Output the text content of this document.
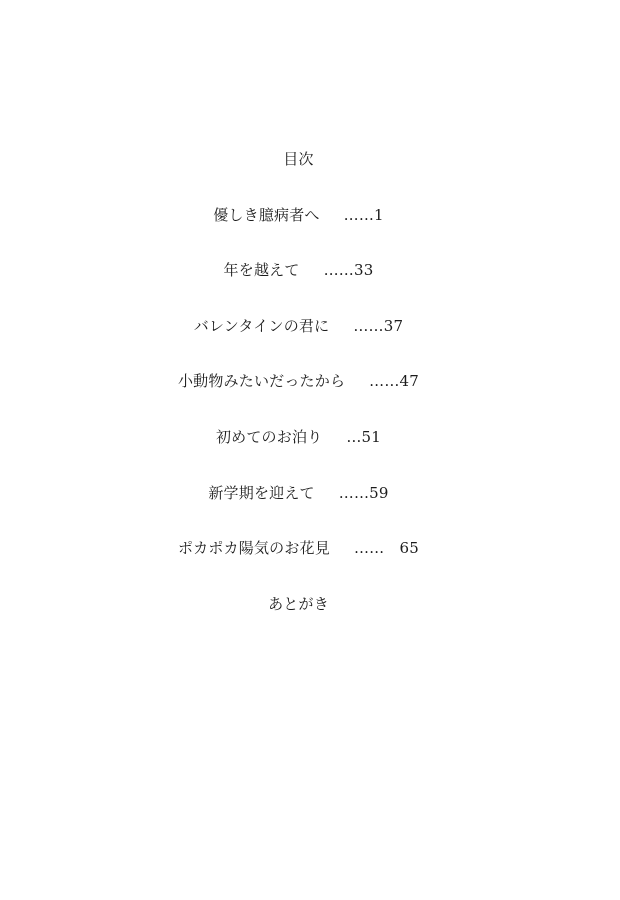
目次
優しき臆病者へ ……1
年を越えて ……33
バレンタインの君に ……37
小動物みたいだったから ……47
初めてのお泊り …51
新学期を迎えて ……59
ポカポカ陽気のお花見 ……　65
あとがき
